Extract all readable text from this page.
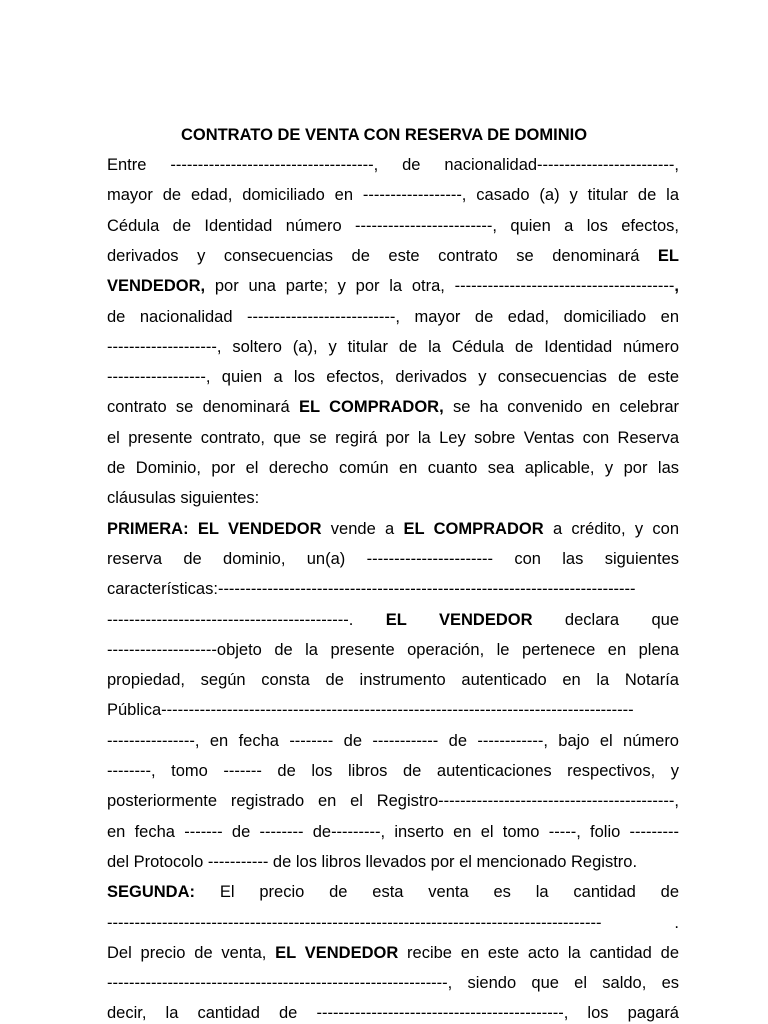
CONTRATO DE VENTA CON RESERVA DE DOMINIO
Entre -------------------------------------, de nacionalidad-------------------------,
mayor de edad, domiciliado en ------------------, casado (a) y titular de la
Cédula de Identidad número -------------------------, quien a los efectos,
derivados y consecuencias de este contrato se denominará EL
VENDEDOR, por una parte; y por la otra, ----------------------------------------,
de nacionalidad ---------------------------, mayor de edad, domiciliado en
--------------------, soltero (a), y titular de la Cédula de Identidad número
------------------, quien a los efectos, derivados y consecuencias de este
contrato se denominará EL COMPRADOR, se ha convenido en celebrar
el presente contrato, que se regirá por la Ley sobre Ventas con Reserva
de Dominio, por el derecho común en cuanto sea aplicable, y por las
cláusulas siguientes:
PRIMERA: EL VENDEDOR vende a EL COMPRADOR a crédito, y con
reserva de dominio, un(a) ----------------------- con las siguientes
características:----------------------------------------------------------------------------
--------------------------------------------. EL VENDEDOR declara que
--------------------objeto de la presente operación, le pertenece en plena
propiedad, según consta de instrumento autenticado en la Notaría
Pública--------------------------------------------------------------------------------------
----------------, en fecha -------- de ------------ de ------------, bajo el número
--------, tomo ------- de los libros de autenticaciones respectivos, y
posteriormente registrado en el Registro-------------------------------------------,
en fecha ------- de -------- de---------, inserto en el tomo -----, folio ---------
del Protocolo ----------- de los libros llevados por el mencionado Registro.
SEGUNDA: El precio de esta venta es la cantidad de
------------------------------------------------------------------------------------------ .
Del precio de venta, EL VENDEDOR recibe en este acto la cantidad de
--------------------------------------------------------------, siendo que el saldo, es
decir, la cantidad de ---------------------------------------------, los pagará
